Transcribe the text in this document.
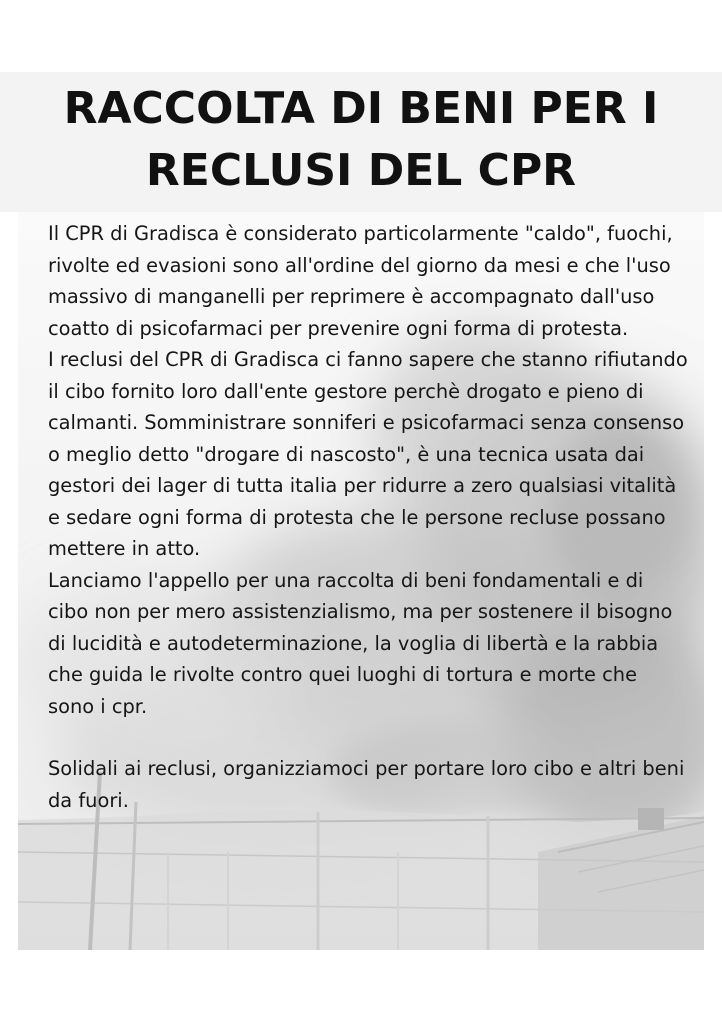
RACCOLTA DI BENI PER I
RECLUSI DEL CPR

Il CPR di Gradisca è considerato particolarmente "caldo", fuochi, rivolte ed evasioni sono all'ordine del giorno da mesi e che l'uso massivo di manganelli per reprimere è accompagnato dall'uso coatto di psicofarmaci per prevenire ogni forma di protesta.

I reclusi del CPR di Gradisca ci fanno sapere che stanno rifiutando il cibo fornito loro dall'ente gestore perchè drogato e pieno di calmanti. Somministrare sonniferi e psicofarmaci senza consenso o meglio detto "drogare di nascosto", è una tecnica usata dai gestori dei lager di tutta italia per ridurre a zero qualsiasi vitalità e sedare ogni forma di protesta che le persone recluse possano mettere in atto.

Lanciamo l'appello per una raccolta di beni fondamentali e di cibo non per mero assistenzialismo, ma per sostenere il bisogno di lucidità e autodeterminazione, la voglia di libertà e la rabbia che guida le rivolte contro quei luoghi di tortura e morte che sono i cpr.

Solidali ai reclusi, organizziamoci per portare loro cibo e altri beni da fuori.
